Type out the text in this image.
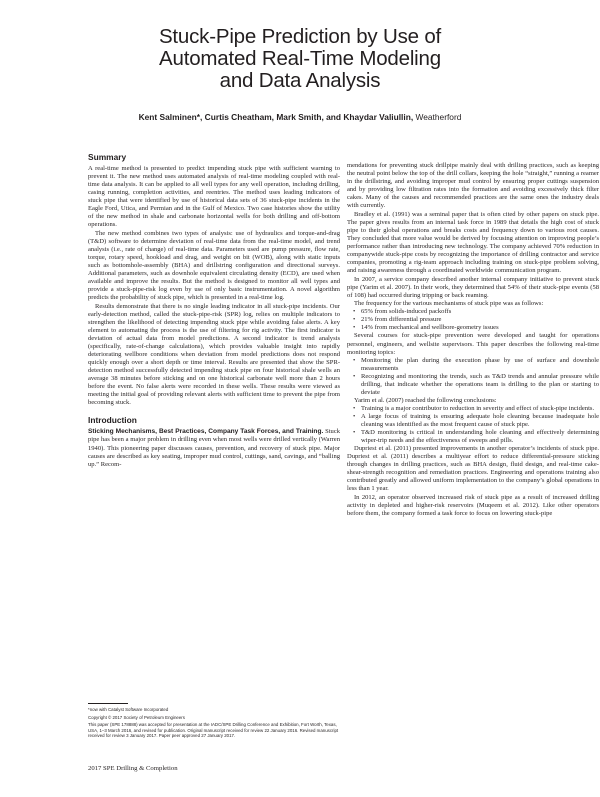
Stuck-Pipe Prediction by Use of
Automated Real-Time Modeling
and Data Analysis
Kent Salminen*, Curtis Cheatham, Mark Smith, and Khaydar Valiullin, Weatherford
Summary

A real-time method is presented to predict impending stuck pipe with sufficient warning to prevent it. The new method uses automated analysis of real-time modeling coupled with real-time data analysis. It can be applied to all well types for any well operation, including drilling, casing running, completion activities, and reentries. The method uses leading indicators of stuck pipe that were identified by use of historical data sets of 36 stuck-pipe incidents in the Eagle Ford, Utica, and Permian and in the Gulf of Mexico. Two case histories show the utility of the new method in shale and carbonate horizontal wells for both drilling and off-bottom operations.

The new method combines two types of analysis: use of hydraulics and torque-and-drag (T&D) software to determine deviation of real-time data from the real-time model, and trend analysis (i.e., rate of change) of real-time data. Parameters used are pump pressure, flow rate, torque, rotary speed, hookload and drag, and weight on bit (WOB), along with static inputs such as bottomhole-assembly (BHA) and drillstring configuration and directional surveys. Additional parameters, such as downhole equivalent circulating density (ECD), are used when available and improve the results. But the method is designed to monitor all well types and provide a stuck-pipe-risk log even by use of only basic instrumentation. A novel algorithm predicts the probability of stuck pipe, which is presented in a real-time log.

Results demonstrate that there is no single leading indicator in all stuck-pipe incidents. Our early-detection method, called the stuck-pipe-risk (SPR) log, relies on multiple indicators to strengthen the likelihood of detecting impending stuck pipe while avoiding false alerts. A key element to automating the process is the use of filtering for rig activity. The first indicator is deviation of actual data from model predictions. A second indicator is trend analysis (specifically, rate-of-change calculations), which provides valuable insight into rapidly deteriorating wellbore conditions when deviation from model predictions does not respond quickly enough over a short depth or time interval. Results are presented that show the SPR-detection method successfully detected impending stuck pipe on four historical shale wells an average 38 minutes before sticking and on one historical carbonate well more than 2 hours before the event. No false alerts were recorded in these wells. These results were viewed as meeting the initial goal of providing relevant alerts with sufficient time to prevent the pipe from becoming stuck.

Introduction

Sticking Mechanisms, Best Practices, Company Task Forces, and Training. Stuck pipe has been a major problem in drilling even when most wells were drilled vertically (Warren 1940). This pioneering paper discusses causes, prevention, and recovery of stuck pipe. Major causes are described as key seating, improper mud control, cuttings, sand, cavings, and “balling up.” Recom-

mendations for preventing stuck drillpipe mainly deal with drilling practices, such as keeping the neutral point below the top of the drill collars, keeping the hole “straight,” running a reamer in the drillstring, and avoiding improper mud control by ensuring proper cuttings suspension and by providing low filtration rates into the formation and avoiding excessively thick filter cakes. Many of the causes and recommended practices are the same ones the industry deals with currently.

Bradley et al. (1991) was a seminal paper that is often cited by other papers on stuck pipe. The paper gives results from an internal task force in 1989 that details the high cost of stuck pipe to their global operations and breaks costs and frequency down to various root causes. They concluded that more value would be derived by focusing attention on improving people’s performance rather than introducing new technology. The company achieved 70% reduction in companywide stuck-pipe costs by recognizing the importance of drilling contractor and service companies, promoting a rig-team approach including training on stuck-pipe problem solving, and raising awareness through a coordinated worldwide communication program.

In 2007, a service company described another internal company initiative to prevent stuck pipe (Yarim et al. 2007). In their work, they determined that 54% of their stuck-pipe events (58 of 108) had occurred during tripping or back reaming.

The frequency for the various mechanisms of stuck pipe was as follows:

• 65% from solids-induced packoffs
• 21% from differential pressure
• 14% from mechanical and wellbore-geometry issues

Several courses for stuck-pipe prevention were developed and taught for operations personnel, engineers, and wellsite supervisors. This paper describes the following real-time monitoring topics:

• Monitoring the plan during the execution phase by use of surface and downhole measurements
• Recognizing and monitoring the trends, such as T&D trends and annular pressure while drilling, that indicate whether the operations team is drilling to the plan or starting to deviate

Yarim et al. (2007) reached the following conclusions:

• Training is a major contributor to reduction in severity and effect of stuck-pipe incidents.
• A large focus of training is ensuring adequate hole cleaning because inadequate hole cleaning was identified as the most frequent cause of stuck pipe.
• T&D monitoring is critical in understanding hole cleaning and effectively determining wiper-trip needs and the effectiveness of sweeps and pills.

Dupriest et al. (2011) presented improvements in another operator’s incidents of stuck pipe. Dupriest et al. (2011) describes a multiyear effort to reduce differential-pressure sticking through changes in drilling practices, such as BHA design, fluid design, and real-time cake-shear-strength recognition and remediation practices. Engineering and operations training also contributed greatly and allowed uniform implementation to the company’s global operations in less than 1 year.

In 2012, an operator observed increased risk of stuck pipe as a result of increased drilling activity in depleted and higher-risk reservoirs (Muqeem et al. 2012). Like other operators before them, the company formed a task force to focus on lowering stuck-pipe

*now with Catalyst Software Incorporated
Copyright © 2017 Society of Petroleum Engineers
This paper (SPE 178888) was accepted for presentation at the IADC/SPE Drilling Conference and Exhibition, Fort Worth, Texas, USA, 1–3 March 2016, and revised for publication. Original manuscript received for review 22 January 2016. Revised manuscript received for review 3 January 2017. Paper peer approved 27 January 2017.
2017 SPE Drilling & Completion
